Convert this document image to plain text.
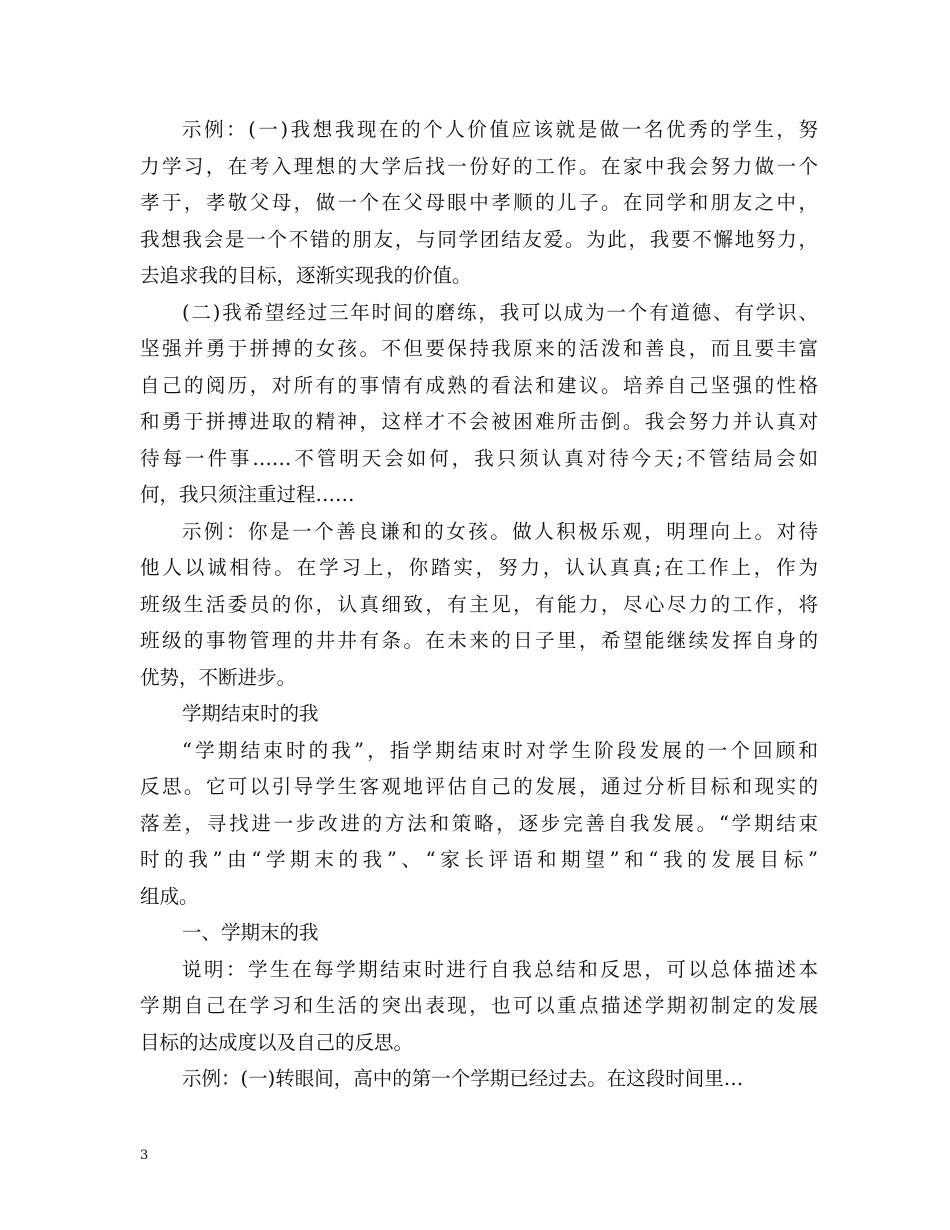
示例：(一)我想我现在的个人价值应该就是做一名优秀的学生，努
力学习，在考入理想的大学后找一份好的工作。在家中我会努力做一个
孝于，孝敬父母，做一个在父母眼中孝顺的儿子。在同学和朋友之中，
我想我会是一个不错的朋友，与同学团结友爱。为此，我要不懈地努力，
去追求我的目标，逐渐实现我的价值。
(二)我希望经过三年时间的磨练，我可以成为一个有道德、有学识、
坚强并勇于拼搏的女孩。不但要保持我原来的活泼和善良，而且要丰富
自己的阅历，对所有的事情有成熟的看法和建议。培养自己坚强的性格
和勇于拼搏进取的精神，这样才不会被困难所击倒。我会努力并认真对
待每一件事……不管明天会如何，我只须认真对待今天;不管结局会如
何，我只须注重过程……
示例：你是一个善良谦和的女孩。做人积极乐观，明理向上。对待
他人以诚相待。在学习上，你踏实，努力，认认真真;在工作上，作为
班级生活委员的你，认真细致，有主见，有能力，尽心尽力的工作，将
班级的事物管理的井井有条。在未来的日子里，希望能继续发挥自身的
优势，不断进步。
学期结束时的我
“学期结束时的我”，指学期结束时对学生阶段发展的一个回顾和
反思。它可以引导学生客观地评估自己的发展，通过分析目标和现实的
落差，寻找进一步改进的方法和策略，逐步完善自我发展。“学期结束
时的我”由“学期末的我”、“家长评语和期望”和“我的发展目标”
组成。
一、学期末的我
说明：学生在每学期结束时进行自我总结和反思，可以总体描述本
学期自己在学习和生活的突出表现，也可以重点描述学期初制定的发展
目标的达成度以及自己的反思。
示例：(一)转眼间，高中的第一个学期已经过去。在这段时间里…
3
